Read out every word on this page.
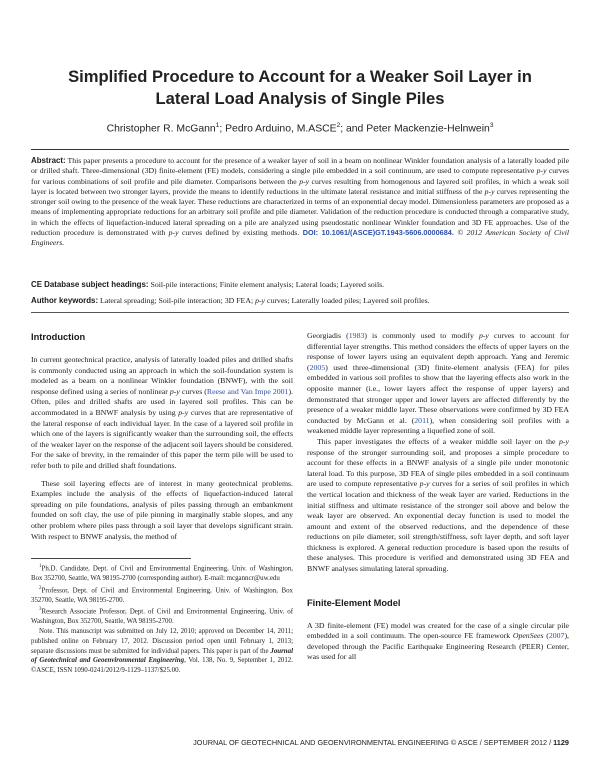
Simplified Procedure to Account for a Weaker Soil Layer in
Lateral Load Analysis of Single Piles
Christopher R. McGann$^1$; Pedro Arduino, M.ASCE$^2$; and Peter Mackenzie-Helnwein$^3$
Abstract: This paper presents a procedure to account for the presence of a weaker layer of soil in a beam on nonlinear Winkler foundation analysis of a laterally loaded pile or drilled shaft. Three-dimensional (3D) finite-element (FE) models, considering a single pile embedded in a soil continuum, are used to compute representative p-y curves for various combinations of soil profile and pile diameter. Comparisons between the p-y curves resulting from homogenous and layered soil profiles, in which a weak soil layer is located between two stronger layers, provide the means to identify reductions in the ultimate lateral resistance and initial stiffness of the p-y curves representing the stronger soil owing to the presence of the weak layer. These reductions are characterized in terms of an exponential decay model. Dimensionless parameters are proposed as a means of implementing appropriate reductions for an arbitrary soil profile and pile diameter. Validation of the reduction procedure is conducted through a comparative study, in which the effects of liquefaction-induced lateral spreading on a pile are analyzed using pseudostatic nonlinear Winkler foundation and 3D FE approaches. Use of the reduction procedure is demonstrated with p-y curves defined by existing methods. DOI: 10.1061/(ASCE)GT.1943-5606.0000684. © 2012 American Society of Civil Engineers.
CE Database subject headings: Soil-pile interactions; Finite element analysis; Lateral loads; Layered soils.
Author keywords: Lateral spreading; Soil-pile interaction; 3D FEA; p-y curves; Laterally loaded piles; Layered soil profiles.
Introduction

In current geotechnical practice, analysis of laterally loaded piles and drilled shafts is commonly conducted using an approach in which the soil-foundation system is modeled as a beam on a nonlinear Winkler foundation (BNWF), with the soil response defined using a series of nonlinear p-y curves (Reese and Van Impe 2001). Often, piles and drilled shafts are used in layered soil profiles. This can be accommodated in a BNWF analysis by using p-y curves that are representative of the lateral response of each individual layer. In the case of a layered soil profile in which one of the layers is significantly weaker than the surrounding soil, the effects of the weaker layer on the response of the adjacent soil layers should be considered. For the sake of brevity, in the remainder of this paper the term pile will be used to refer both to pile and drilled shaft foundations.

These soil layering effects are of interest in many geotechnical problems. Examples include the analysis of the effects of liquefaction-induced lateral spreading on pile foundations, analysis of piles passing through an embankment founded on soft clay, the use of pile pinning in marginally stable slopes, and any other problem where piles pass through a soil layer that develops significant strain. With respect to BNWF analysis, the method of

$^1$Ph.D. Candidate, Dept. of Civil and Environmental Engineering, Univ. of Washington, Box 352700, Seattle, WA 98195-2700 (corresponding author). E-mail: mcganncr@uw.edu

$^2$Professor, Dept. of Civil and Environmental Engineering, Univ. of Washington, Box 352700, Seattle, WA 98195-2700.

$^3$Research Associate Professor, Dept. of Civil and Environmental Engineering, Univ. of Washington, Box 352700, Seattle, WA 98195-2700.

Note. This manuscript was submitted on July 12, 2010; approved on December 14, 2011; published online on February 17, 2012. Discussion period open until February 1, 2013; separate discussions must be submitted for individual papers. This paper is part of the Journal of Geotechnical and Geoenvironmental Engineering, Vol. 138, No. 9, September 1, 2012. ©ASCE, ISSN 1090-0241/2012/9-1129–1137/$25.00.

Georgiadis (1983) is commonly used to modify p-y curves to account for differential layer strengths. This method considers the effects of upper layers on the response of lower layers using an equivalent depth approach. Yang and Jeremic (2005) used three-dimensional (3D) finite-element analysis (FEA) for piles embedded in various soil profiles to show that the layering effects also work in the opposite manner (i.e., lower layers affect the response of upper layers) and demonstrated that stronger upper and lower layers are affected differently by the presence of a weaker middle layer. These observations were confirmed by 3D FEA conducted by McGann et al. (2011), when considering soil profiles with a weakened middle layer representing a liquefied zone of soil.

This paper investigates the effects of a weaker middle soil layer on the p-y response of the stronger surrounding soil, and proposes a simple procedure to account for these effects in a BNWF analysis of a single pile under monotonic lateral load. To this purpose, 3D FEA of single piles embedded in a soil continuum are used to compute representative p-y curves for a series of soil profiles in which the vertical location and thickness of the weak layer are varied. Reductions in the initial stiffness and ultimate resistance of the stronger soil above and below the weak layer are observed. An exponential decay function is used to model the amount and extent of the observed reductions, and the dependence of these reductions on pile diameter, soil strength/stiffness, soft layer depth, and soft layer thickness is explored. A general reduction procedure is based upon the results of these analyses. This procedure is verified and demonstrated using 3D FEA and BNWF analyses simulating lateral spreading.

Finite-Element Model

A 3D finite-element (FE) model was created for the case of a single circular pile embedded in a soil continuum. The open-source FE framework OpenSees (2007), developed through the Pacific Earthquake Engineering Research (PEER) Center, was used for all

JOURNAL OF GEOTECHNICAL AND GEOENVIRONMENTAL ENGINEERING © ASCE / SEPTEMBER 2012 / 1129
